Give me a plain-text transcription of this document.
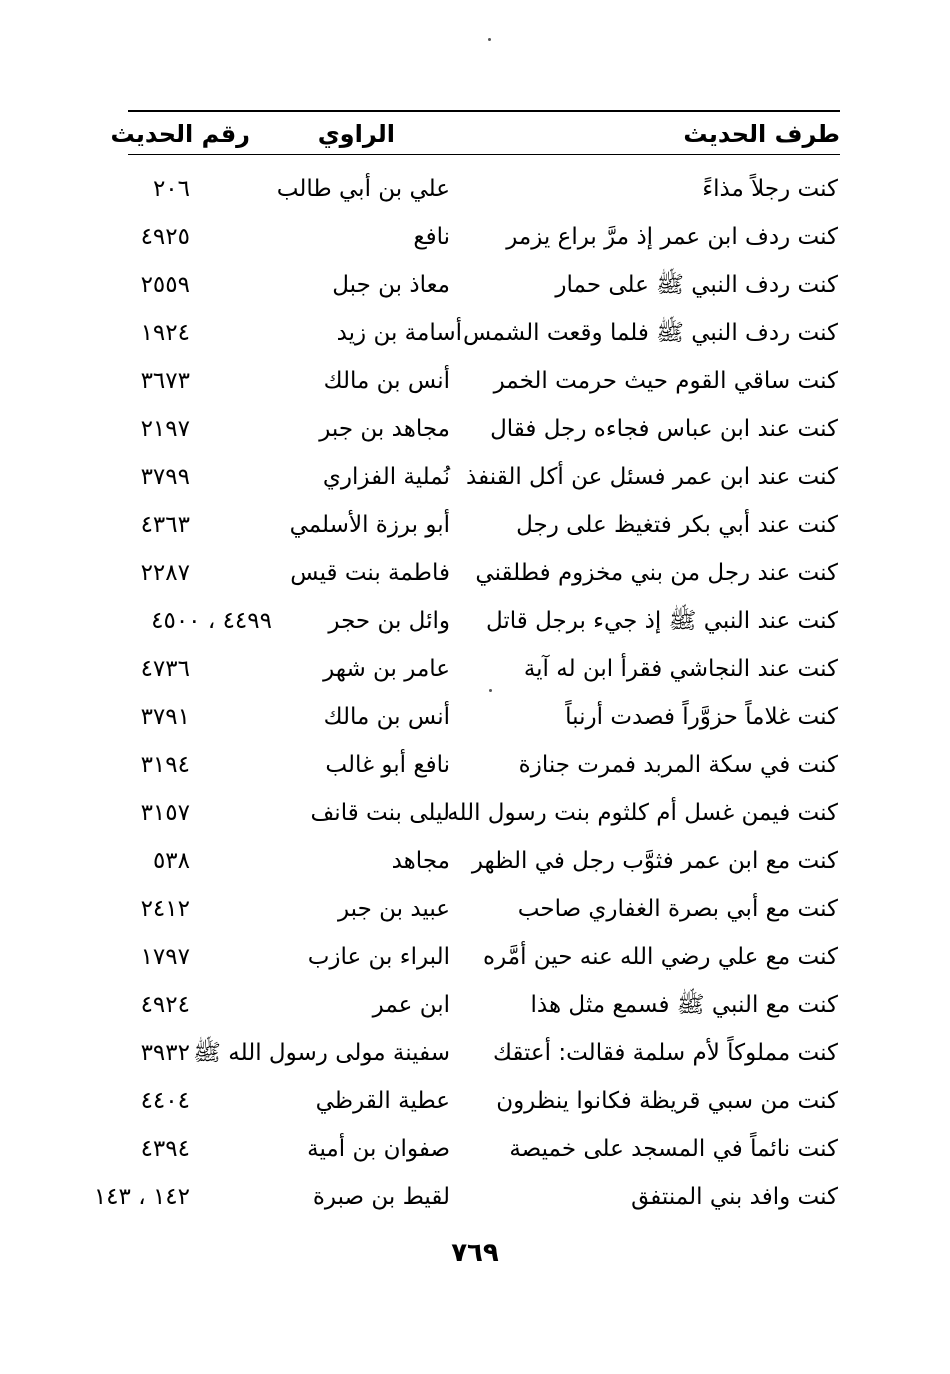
طرف الحديث
الراوي
رقم الحديث
كنت رجلاً مذاءً
علي بن أبي طالب
٢٠٦
كنت ردف ابن عمر إذ مرَّ براع يزمر
نافع
٤٩٢٥
كنت ردف النبي ﷺ على حمار
معاذ بن جبل
٢٥٥٩
كنت ردف النبي ﷺ فلما وقعت الشمس
أسامة بن زيد
١٩٢٤
كنت ساقي القوم حيث حرمت الخمر
أنس بن مالك
٣٦٧٣
كنت عند ابن عباس فجاءه رجل فقال
مجاهد بن جبر
٢١٩٧
كنت عند ابن عمر فسئل عن أكل القنفذ
نُملية الفزاري
٣٧٩٩
كنت عند أبي بكر فتغيظ على رجل
أبو برزة الأسلمي
٤٣٦٣
كنت عند رجل من بني مخزوم فطلقني
فاطمة بنت قيس
٢٢٨٧
كنت عند النبي ﷺ إذ جيء برجل قاتل
وائل بن حجر
٤٤٩٩ ، ٤٥٠٠
كنت عند النجاشي فقرأ ابن له آية
عامر بن شهر
٤٧٣٦
كنت غلاماً حزوَّراً فصدت أرنباً
أنس بن مالك
٣٧٩١
كنت في سكة المربد فمرت جنازة
نافع أبو غالب
٣١٩٤
كنت فيمن غسل أم كلثوم بنت رسول الله
ليلى بنت قانف
٣١٥٧
كنت مع ابن عمر فثوَّب رجل في الظهر
مجاهد
٥٣٨
كنت مع أبي بصرة الغفاري صاحب
عبيد بن جبر
٢٤١٢
كنت مع علي رضي الله عنه حين أمَّره
البراء بن عازب
١٧٩٧
كنت مع النبي ﷺ فسمع مثل هذا
ابن عمر
٤٩٢٤
كنت مملوكاً لأم سلمة فقالت: أعتقك
سفينة مولى رسول الله ﷺ
٣٩٣٢
كنت من سبي قريظة فكانوا ينظرون
عطية القرظي
٤٤٠٤
كنت نائماً في المسجد على خميصة
صفوان بن أمية
٤٣٩٤
كنت وافد بني المنتفق
لقيط بن صبرة
١٤٢ ، ١٤٣
٧٦٩
